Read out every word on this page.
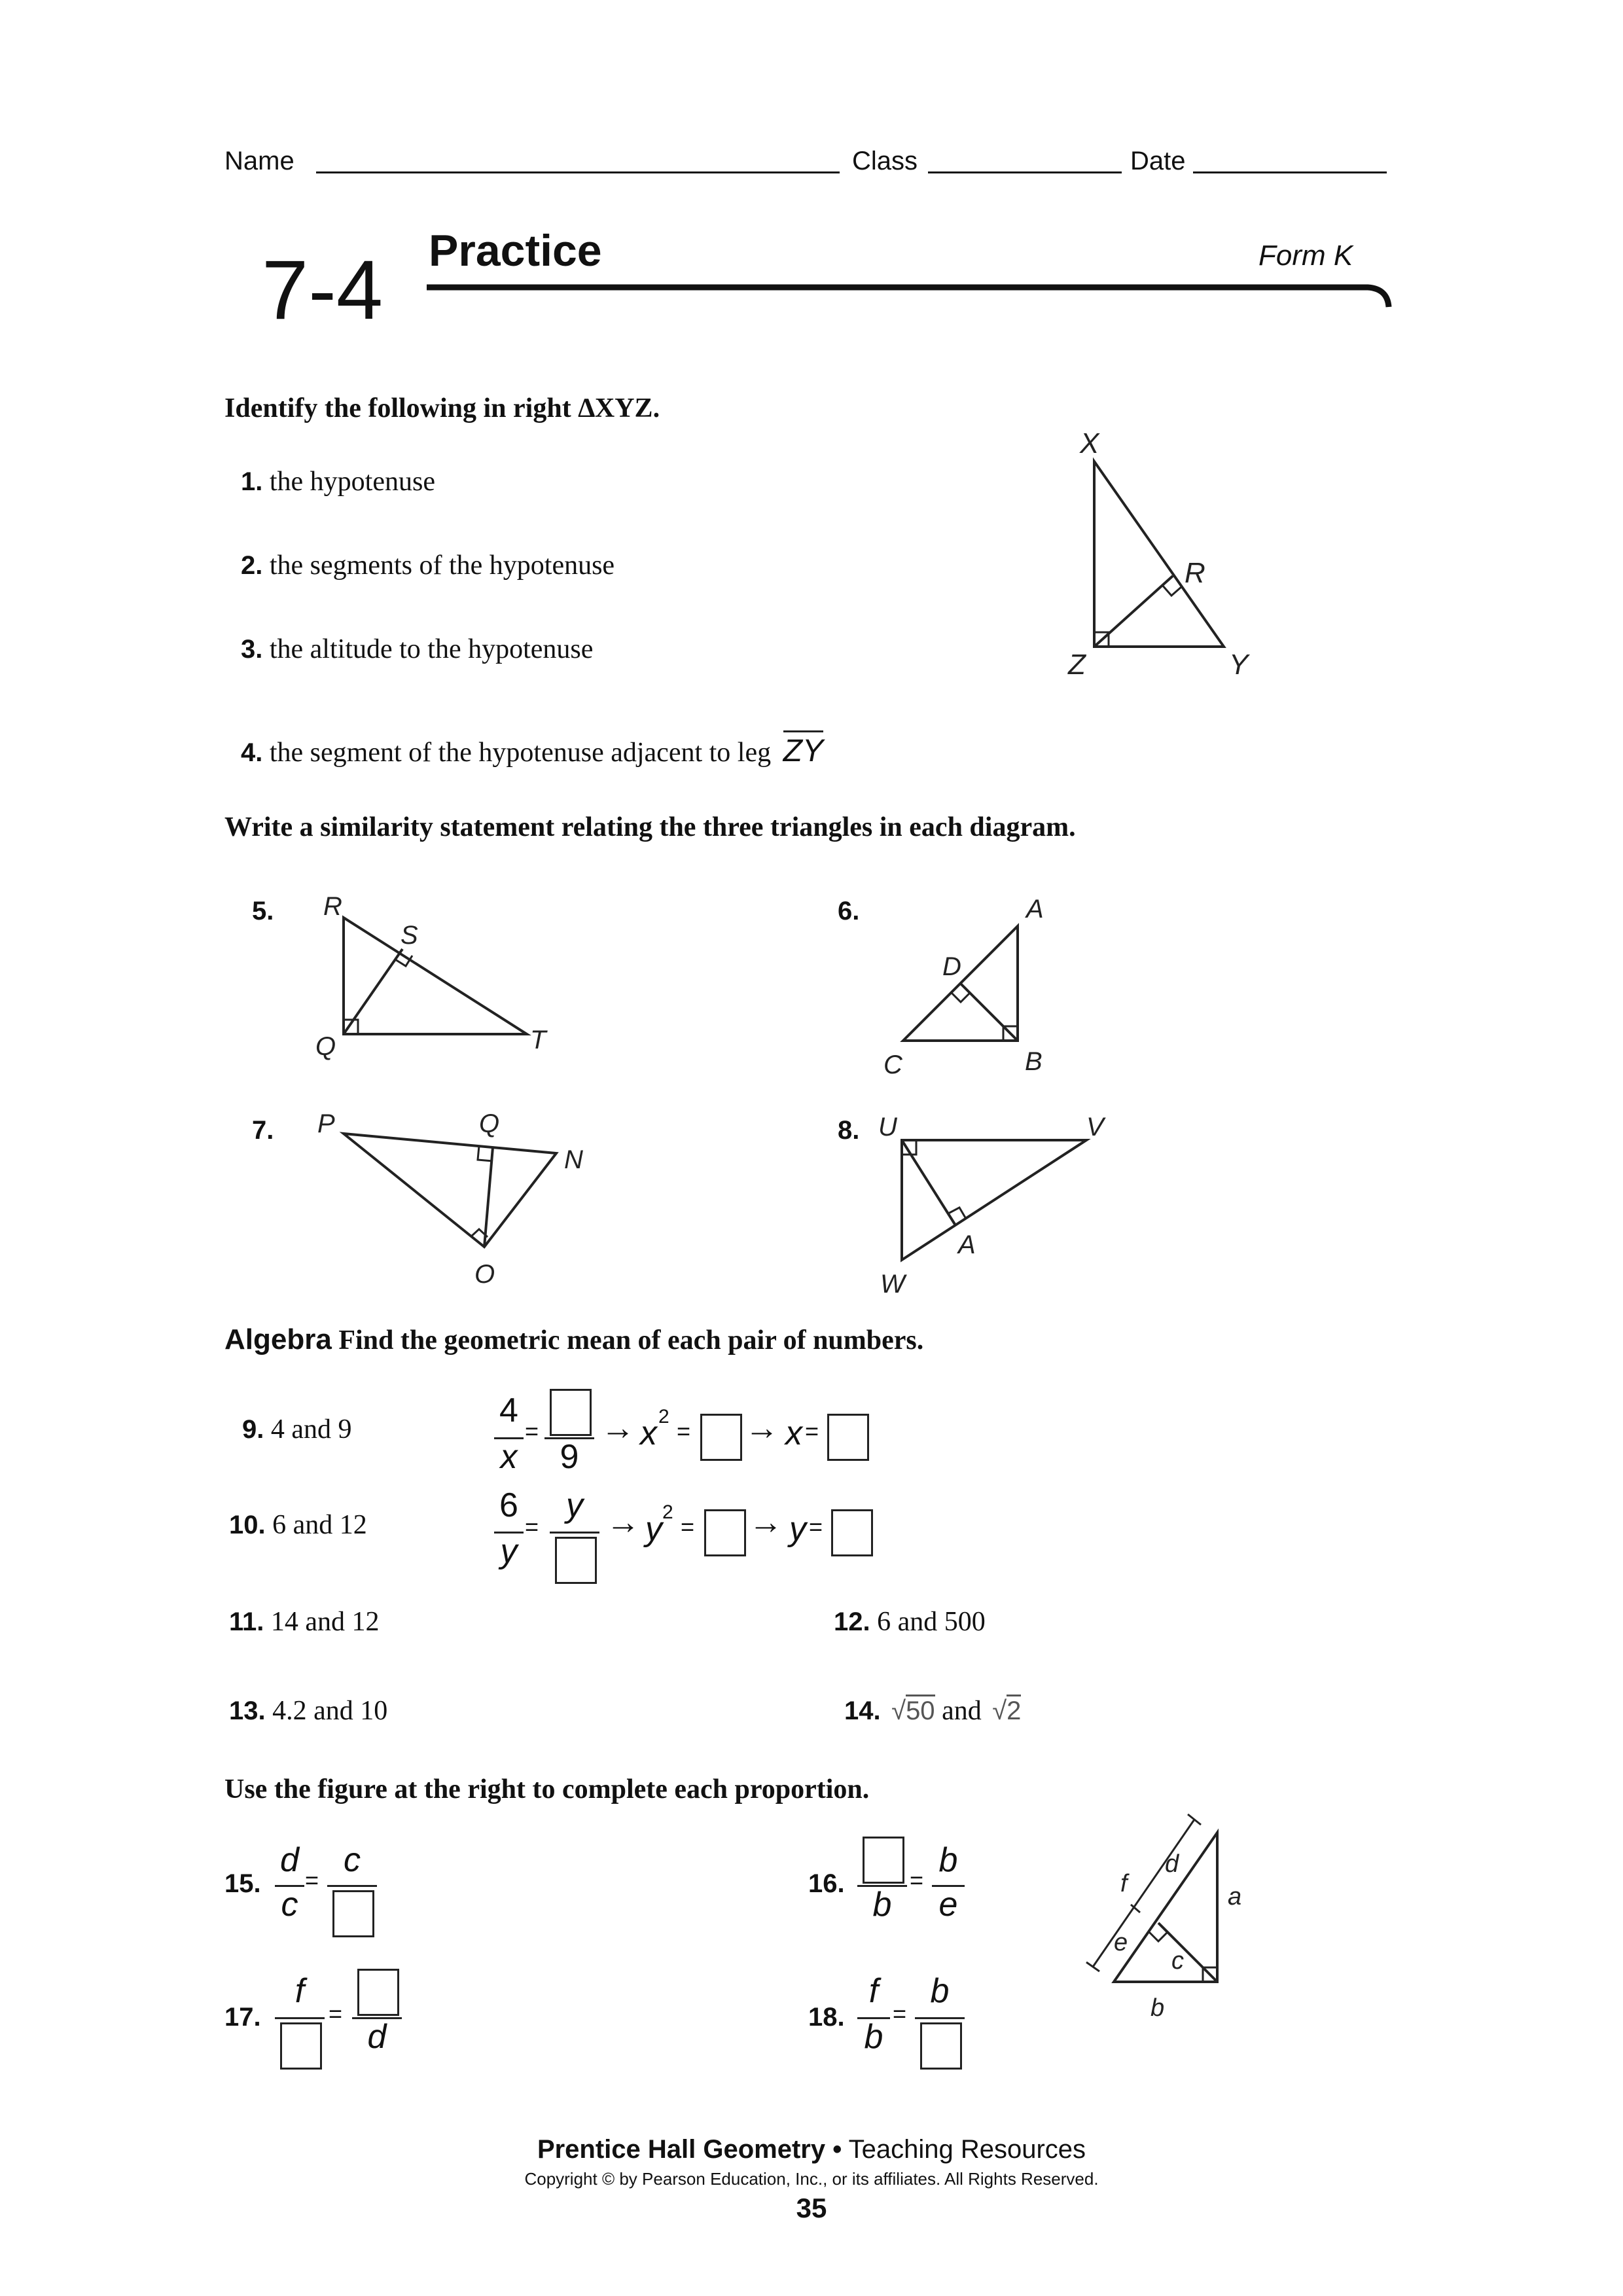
Name	Class	Date
7-4 Practice	Form K
Identify the following in right ∆XYZ.
1. the hypotenuse
2. the segments of the hypotenuse
3. the altitude to the hypotenuse
4. the segment of the hypotenuse adjacent to leg ZY
X
R
Z	Y
Write a similarity statement relating the three triangles in each diagram.
5. R
S
Q	T
6.	A
D
C	B
7. P	Q
N
O
8. U	V
A
W
Algebra Find the geometric mean of each pair of numbers.
9. 4 and 9	4
x
=
9
→ x 2
= → x =
10. 6 and 12
6
y
=
y → y 2
= → y =
11. 14 and 12	12. 6 and 500
13. 4.2 and 10	14. √50 and √2
Use the figure at the right to complete each proportion.
15.
d
c
=
c
16.
b
=
b
e
17.
f
=
d
18.
f
b
=
b
f
d
e
c
a
b
Prentice Hall Geometry • Teaching Resources
Copyright © by Pearson Education, Inc., or its affiliates. All Rights Reserved.
35
